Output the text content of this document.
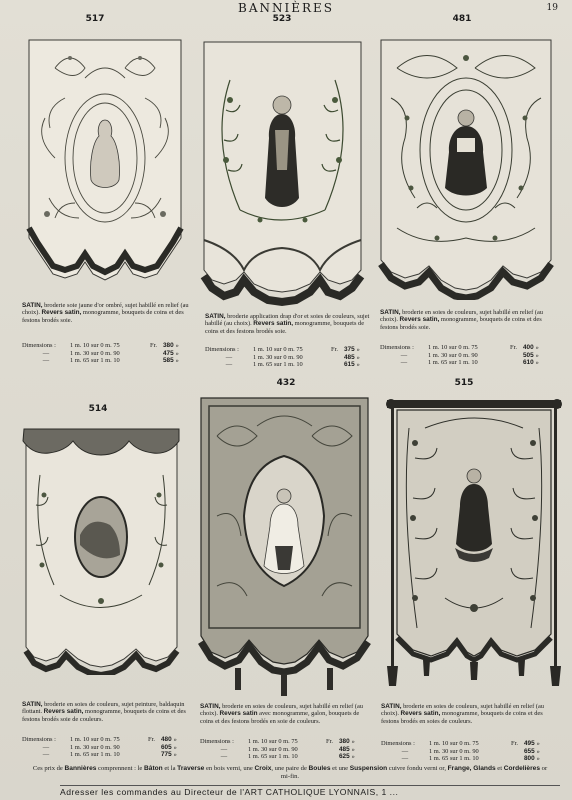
BANNIÈRES	19
517
SATIN, broderie soie jaune d'or ombré, sujet habillé en relief (au choix). Revers satin, monogramme, bouquets de coins et des festons brodés soie.
Dimensions :	1 m. 10 sur 0 m. 75	Fr. 380 »
—	1 m. 30 sur 0 m. 90	475 »
—	1 m. 65 sur 1 m. 10	585 »
523
SATIN, broderie application drap d'or et soies de couleurs, sujet habillé (au choix). Revers satin, monogramme, bouquets de coins et des festons brodés soie.
Dimensions :	1 m. 10 sur 0 m. 75	Fr. 375 »
—	1 m. 30 sur 0 m. 90	485 »
—	1 m. 65 sur 1 m. 10	615 »
481
SATIN, broderie en soies de couleurs, sujet habillé en relief (au choix). Revers satin, monogramme, bouquets de coins et des festons brodés soie.
Dimensions :	1 m. 10 sur 0 m. 75	Fr. 400 »
—	1 m. 30 sur 0 m. 90	505 »
—	1 m. 65 sur 1 m. 10	610 »
514
SATIN, broderie en soies de couleurs, sujet peinture, baldaquin flottant. Revers satin, monogramme, bouquets de coins et des festons brodés soie de couleurs.
Dimensions :	1 m. 10 sur 0 m. 75	Fr. 480 »
—	1 m. 30 sur 0 m. 90	605 »
—	1 m. 65 sur 1 m. 10	775 »
432
SATIN, broderie en soies de couleurs, sujet habillé en relief (au choix). Revers satin avec monogramme, galon, bouquets de coins et des festons brodés en soie de couleurs.
Dimensions :	1 m. 10 sur 0 m. 75	Fr. 380 »
—	1 m. 30 sur 0 m. 90	485 »
—	1 m. 65 sur 1 m. 10	625 »
515
SATIN, broderie en soies de couleurs, sujet habillé en relief (au choix). Revers satin, monogramme, bouquets de coins et des festons brodés en soies de couleurs.
Dimensions :	1 m. 10 sur 0 m. 75	Fr. 495 »
—	1 m. 30 sur 0 m. 90	655 »
—	1 m. 65 sur 1 m. 10	800 »
Ces prix de Bannières comprennent : le Bâton et la Traverse en bois verni, une Croix, une paire de Boules et une Suspension cuivre fondu verni or, Frange, Glands et Cordelières or mi-fin.
Adresser les commandes au Directeur de l'ART CATHOLIQUE LYONNAIS, 1 ...
